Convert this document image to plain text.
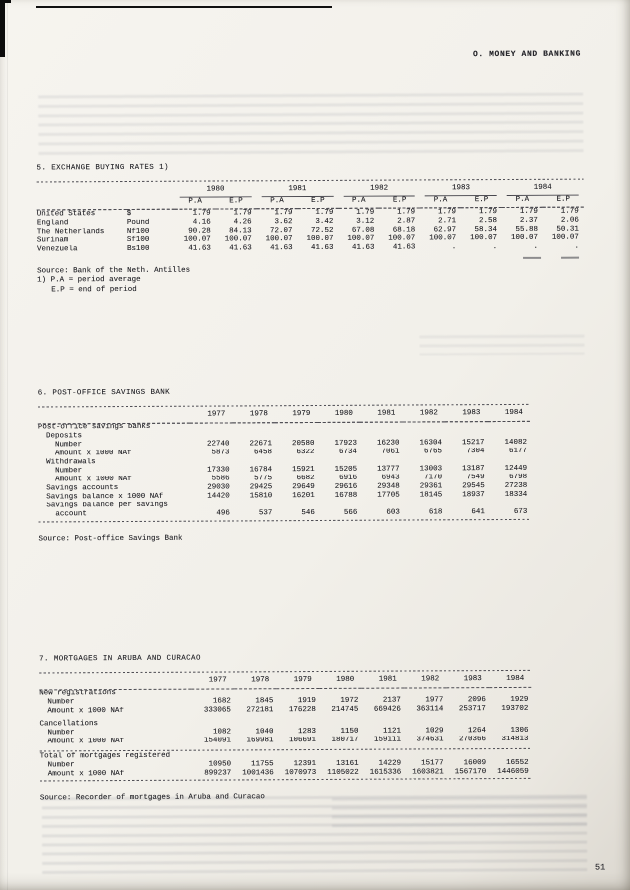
O. MONEY AND BANKING
5. EXCHANGE BUYING RATES 1)

		1980		1981		1982		1983		1984	

		P.A	E.P	P.A	E.P	P.A	E.P	P.A	E.P	P.A	E.P
United States	$	1.79	1.79	1.79	1.79	1.79	1.79	1.79	1.79	1.79	1.79
England	Pound	4.16	4.26	3.62	3.42	3.12	2.87	2.71	2.58	2.37	2.06
The Netherlands	Nf100	90.28	84.13	72.07	72.52	67.08	68.18	62.97	58.34	55.88	50.31
Surinam	Sf100	100.07	100.07	100.07	100.07	100.07	100.07	100.07	100.07	100.07	100.07
Venezuela	Bs100	41.63	41.63	41.63	41.63	41.63	41.63	.	.	.	.
Source: Bank of the Neth. Antilles
1) P.A = period average
E.P = end of period
6. POST-OFFICE SAVINGS BANK
	1977	1978	1979	1980	1981	1982	1983	1984
Post-office savings banks								
Deposits								
Number	22740	22671	20580	17923	16230	16304	15217	14082
Amount x 1000 NAf	5873	6458	6322	6734	7061	6765	7304	6177
Withdrawals								
Number	17330	16784	15921	15205	13777	13003	13187	12449
Amount x 1000 NAf	5586	5775	6682	6916	6943	7170	7549	6798
Savings accounts	29030	29425	29649	29616	29348	29361	29545	27238
Savings balance x 1000 NAf	14420	15810	16201	16788	17705	18145	18937	18334
Savings balance per savings								
account	496	537	546	566	603	618	641	673
Source: Post-office Savings Bank
7. MORTGAGES IN ARUBA AND CURACAO
	1977	1978	1979	1980	1981	1982	1983	1984
New registrations								
Number	1682	1845	1919	1972	2137	1977	2096	1929
Amount x 1000 NAf	333065	272181	176228	214745	669426	363114	253717	193702
Cancellations								
Number	1082	1040	1283	1150	1121	1029	1264	1306
Amount x 1000 NAf	154091	169981	106691	180717	159111	374631	270366	314813

Total of mortgages registered								
Number	10950	11755	12391	13161	14229	15177	16009	16552
Amount x 1000 NAf	899237	1001436	1070973	1105022	1615336	1603821	1567170	1446059
Source: Recorder of mortgages in Aruba and Curacao
51
